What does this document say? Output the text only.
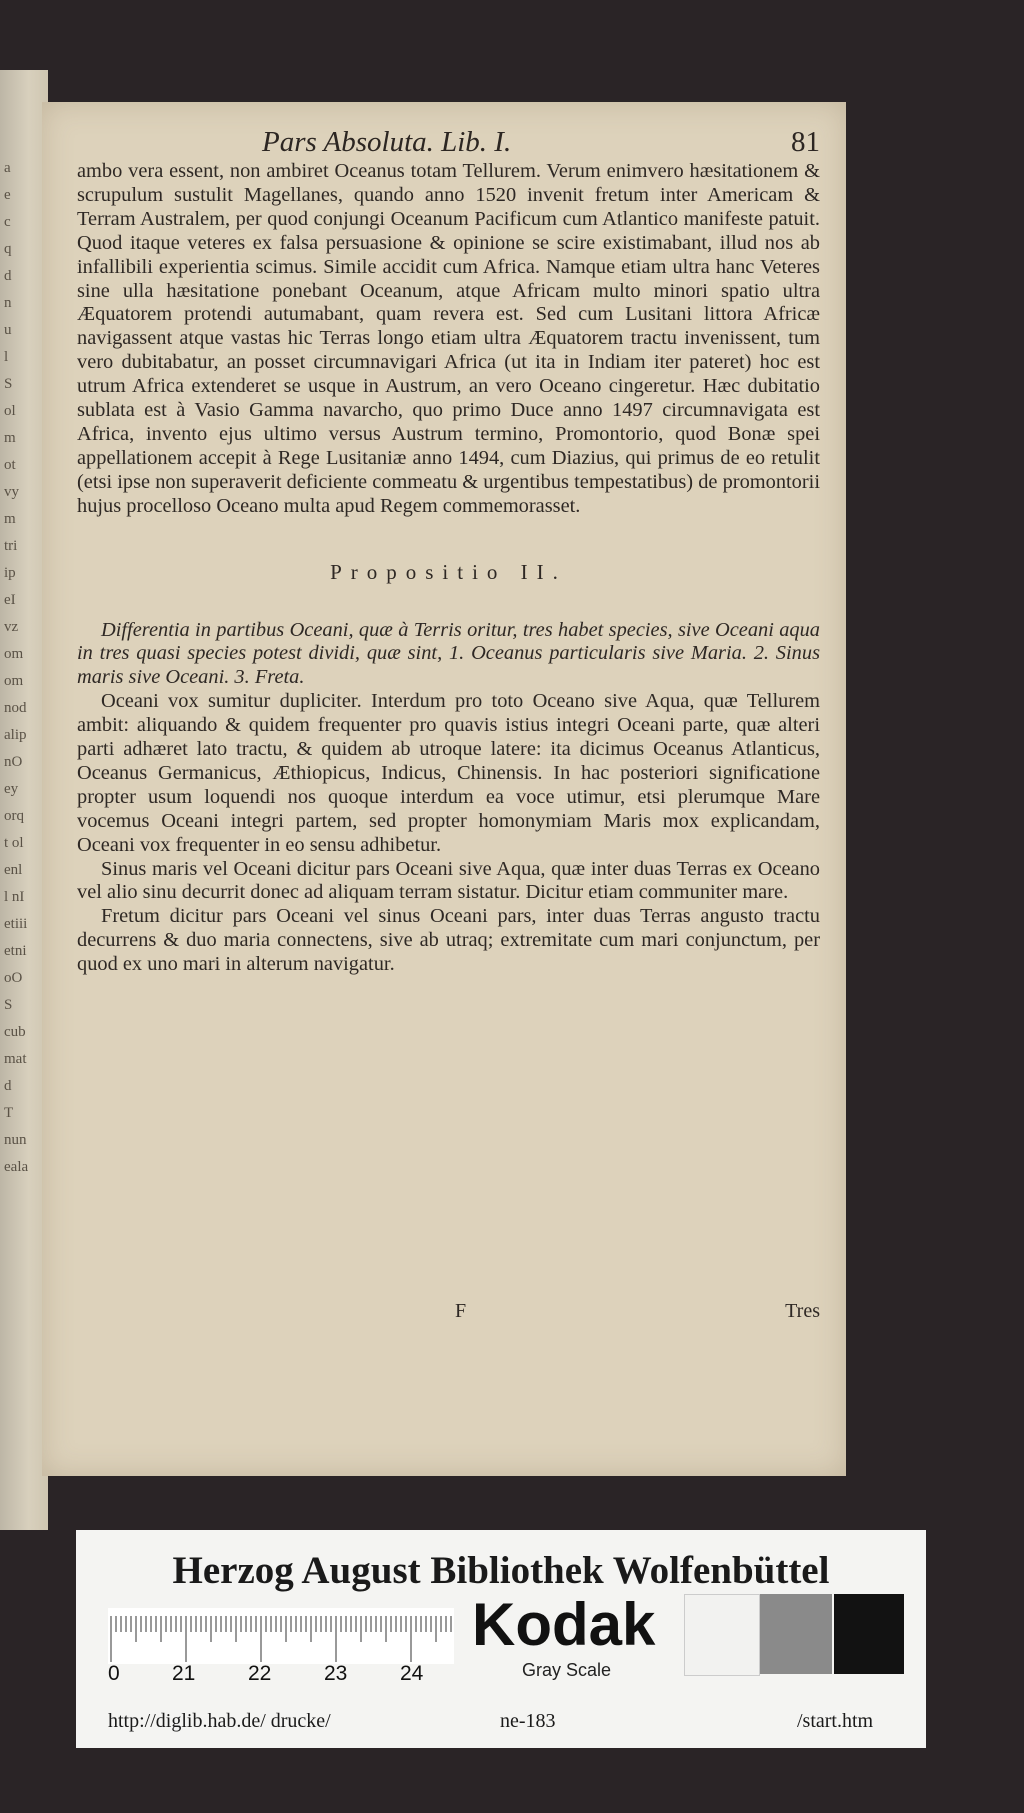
a
e
c
q
d
n
u
l
S
ol
m
ot
vy
m
tri
ip
eI
vz
om
om
nod
alip
nO
ey
orq
t ol
enl
l nI
etiii
etni
oO
S
cub
mat
d
T
nun
eala
Pars Absoluta. Lib. I.	81

ambo vera essent, non ambiret Oceanus totam Tellurem. Verum enimvero hæsitationem & scrupulum sustulit Magellanes, quando anno 1520 invenit fretum inter Americam & Terram Australem, per quod conjungi Oceanum Pacificum cum Atlantico manifeste patuit. Quod itaque veteres ex falsa persuasione & opinione se scire existimabant, illud nos ab infallibili experientia scimus. Simile accidit cum Africa. Namque etiam ultra hanc Veteres sine ulla hæsitatione ponebant Oceanum, atque Africam multo minori spatio ultra Æquatorem protendi autumabant, quam revera est. Sed cum Lusitani littora Africæ navigassent atque vastas hic Terras longo etiam ultra Æquatorem tractu invenissent, tum vero dubitabatur, an posset circumnavigari Africa (ut ita in Indiam iter pateret) hoc est utrum Africa extenderet se usque in Austrum, an vero Oceano cingeretur. Hæc dubitatio sublata est à Vasio Gamma navarcho, quo primo Duce anno 1497 circumnavigata est Africa, invento ejus ultimo versus Austrum termino, Promontorio, quod Bonæ spei appellationem accepit à Rege Lusitaniæ anno 1494, cum Diazius, qui primus de eo retulit (etsi ipse non superaverit deficiente commeatu & urgentibus tempestatibus) de promontorii hujus procelloso Oceano multa apud Regem commemorasset.

Propositio II.

Differentia in partibus Oceani, quæ à Terris oritur, tres habet species, sive Oceani aqua in tres quasi species potest dividi, quæ sint, 1. Oceanus particularis sive Maria. 2. Sinus maris sive Oceani. 3. Freta.

Oceani vox sumitur dupliciter. Interdum pro toto Oceano sive Aqua, quæ Tellurem ambit: aliquando & quidem frequenter pro quavis istius integri Oceani parte, quæ alteri parti adhæret lato tractu, & quidem ab utroque latere: ita dicimus Oceanus Atlanticus, Oceanus Germanicus, Æthiopicus, Indicus, Chinensis. In hac posteriori significatione propter usum loquendi nos quoque interdum ea voce utimur, etsi plerumque Mare vocemus Oceani integri partem, sed propter homonymiam Maris mox explicandam, Oceani vox frequenter in eo sensu adhibetur.

Sinus maris vel Oceani dicitur pars Oceani sive Aqua, quæ inter duas Terras ex Oceano vel alio sinu decurrit donec ad aliquam terram sistatur. Dicitur etiam communiter mare.

Fretum dicitur pars Oceani vel sinus Oceani pars, inter duas Terras angusto tractu decurrens & duo maria connectens, sive ab utraq; extremitate cum mari conjunctum, per quod ex uno mari in alterum navigatur.

F	Tres
Herzog August Bibliothek Wolfenbüttel
0 21	22	23	24
Kodak
Gray Scale
http://diglib.hab.de/ drucke/	ne-183	/start.htm
